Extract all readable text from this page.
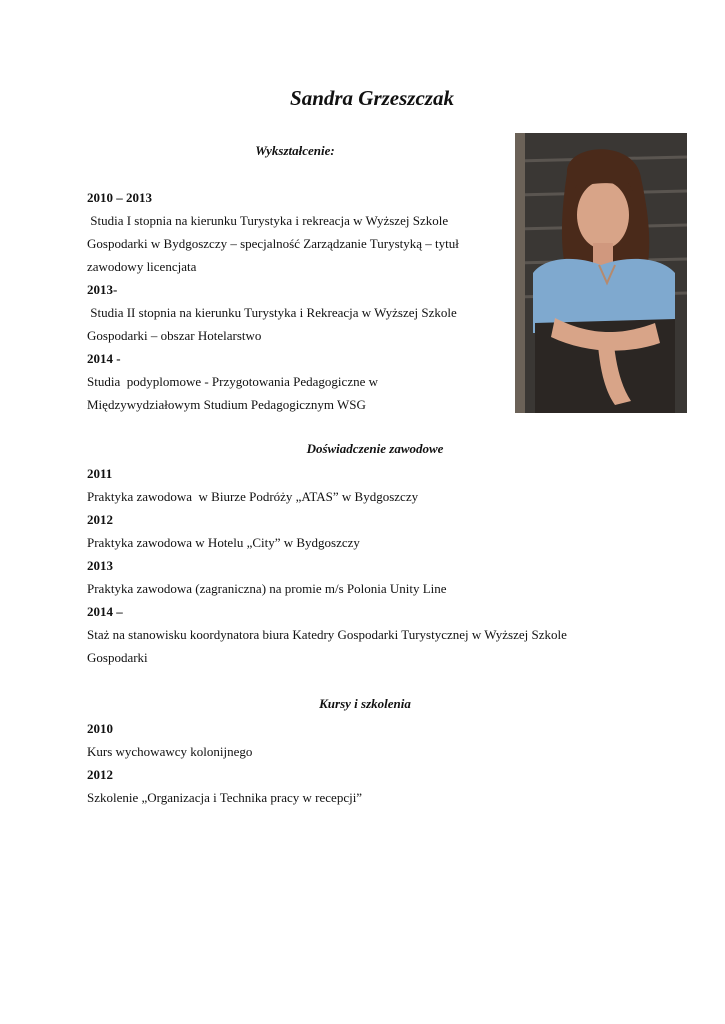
Sandra Grzeszczak
Wykształcenie:

2010 – 2013

Studia I stopnia na kierunku Turystyka i rekreacja w Wyższej Szkole

Gospodarki w Bydgoszczy – specjalność Zarządzanie Turystyką – tytuł

zawodowy licencjata

2013-

Studia II stopnia na kierunku Turystyka i Rekreacja w Wyższej Szkole

Gospodarki – obszar Hotelarstwo

2014 -

Studia  podyplomowe - Przygotowania Pedagogiczne w

Międzywydziałowym Studium Pedagogicznym WSG

Doświadczenie zawodowe

2011

Praktyka zawodowa  w Biurze Podróży „ATAS” w Bydgoszczy

2012

Praktyka zawodowa w Hotelu „City” w Bydgoszczy

2013

Praktyka zawodowa (zagraniczna) na promie m/s Polonia Unity Line

2014 –

Staż na stanowisku koordynatora biura Katedry Gospodarki Turystycznej w Wyższej Szkole

Gospodarki

Kursy i szkolenia

2010

Kurs wychowawcy kolonijnego

2012

Szkolenie „Organizacja i Technika pracy w recepcji”
